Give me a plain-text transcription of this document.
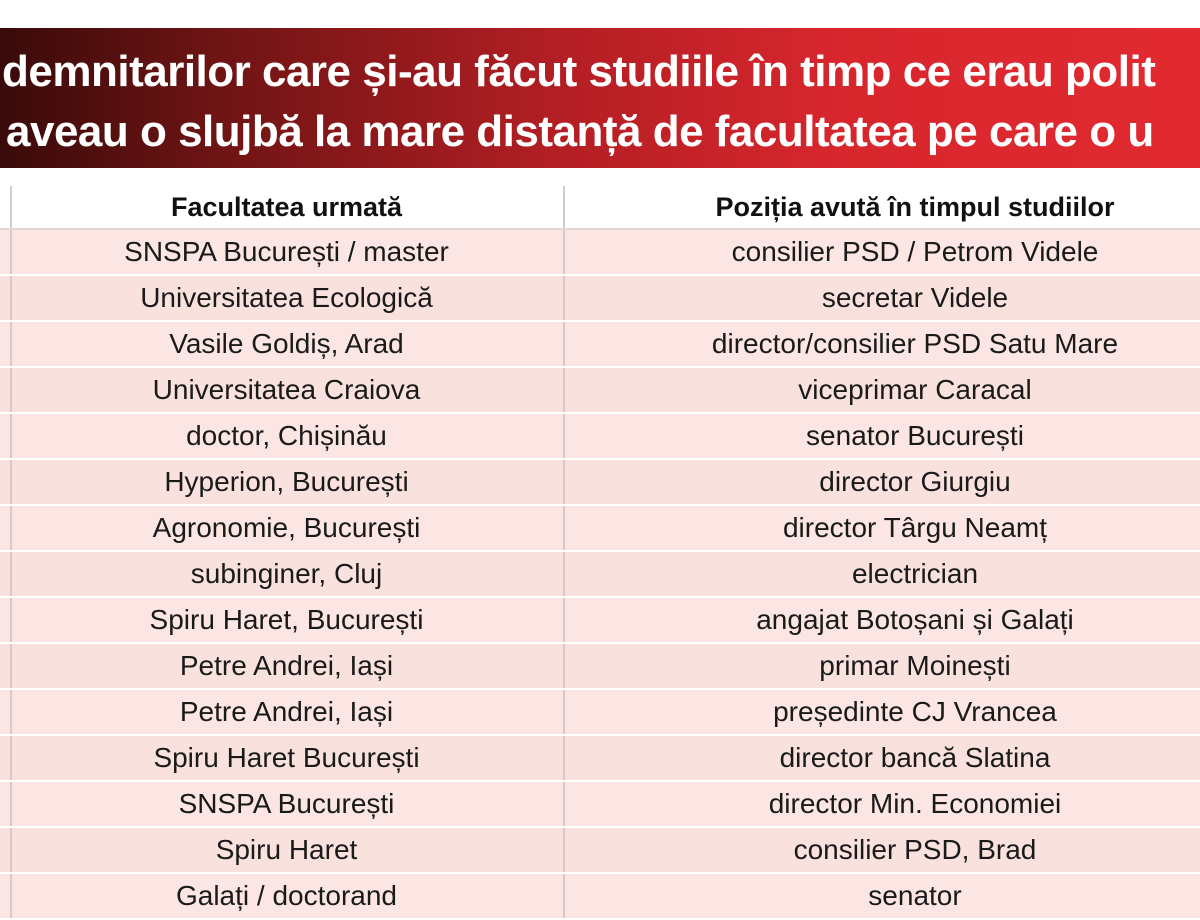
demnitarilor care și-au făcut studiile în timp ce erau polit
aveau o slujbă la mare distanță de facultatea pe care o u
Facultatea urmată	Poziția avută în timpul studiilor
SNSPA București / master	consilier PSD / Petrom Videle
Universitatea Ecologică	secretar Videle
Vasile Goldiș, Arad	director/consilier PSD Satu Mare
Universitatea Craiova	viceprimar Caracal
doctor, Chișinău	senator București
Hyperion, București	director Giurgiu
Agronomie, București	director Târgu Neamț
subinginer, Cluj	electrician
Spiru Haret, București	angajat Botoșani și Galați
Petre Andrei, Iași	primar Moinești
Petre Andrei, Iași	președinte CJ Vrancea
Spiru Haret București	director bancă Slatina
SNSPA București	director Min. Economiei
Spiru Haret	consilier PSD, Brad
Galați / doctorand	senator
